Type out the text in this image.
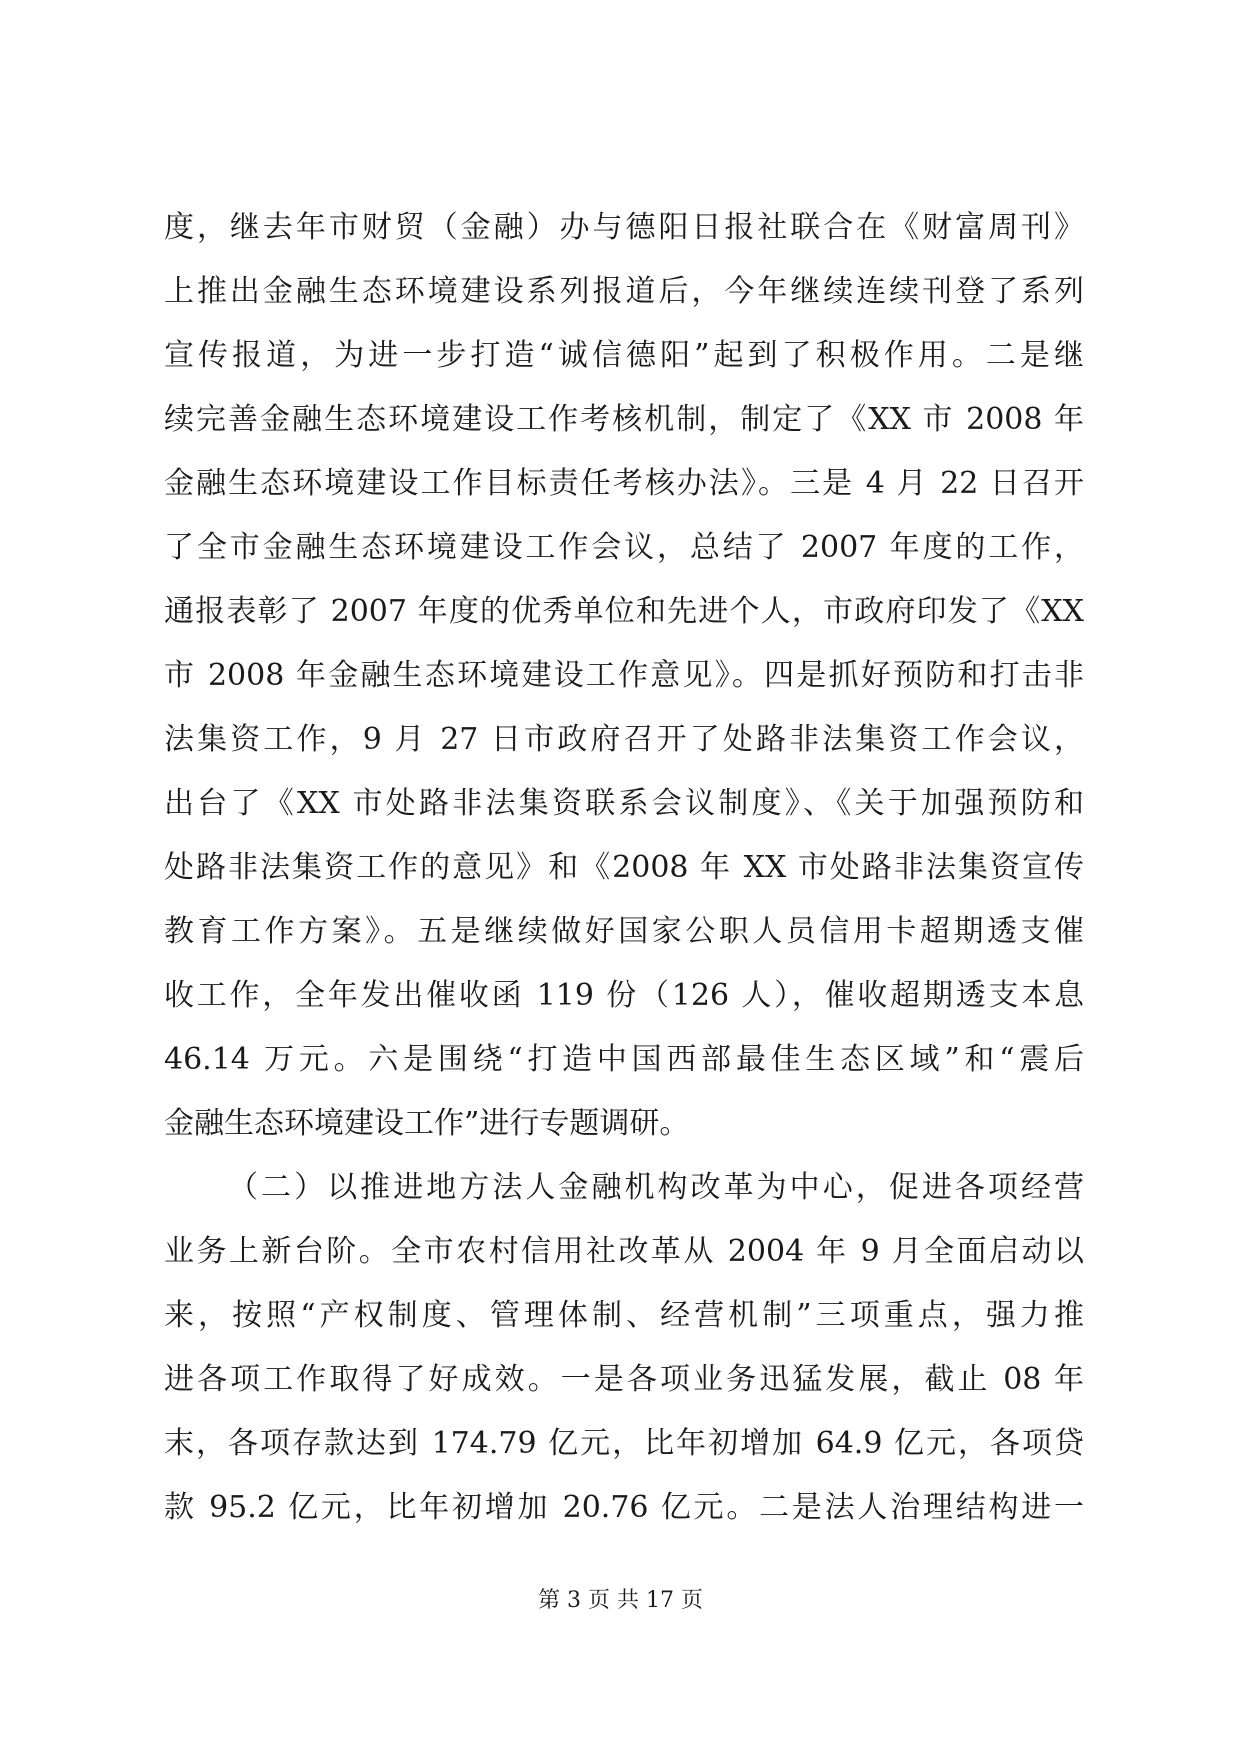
度，继去年市财贸（金融）办与德阳日报社联合在《财富周刊》
上推出金融生态环境建设系列报道后，今年继续连续刊登了系列
宣传报道，为进一步打造“诚信德阳”起到了积极作用。二是继
续完善金融生态环境建设工作考核机制，制定了《XX 市 2008 年
金融生态环境建设工作目标责任考核办法》。三是 4 月 22 日召开
了全市金融生态环境建设工作会议，总结了 2007 年度的工作，
通报表彰了 2007 年度的优秀单位和先进个人，市政府印发了《XX
市 2008 年金融生态环境建设工作意见》。四是抓好预防和打击非
法集资工作，9 月 27 日市政府召开了处路非法集资工作会议，
出台了《XX 市处路非法集资联系会议制度》、《关于加强预防和
处路非法集资工作的意见》和《2008 年 XX 市处路非法集资宣传
教育工作方案》。五是继续做好国家公职人员信用卡超期透支催
收工作，全年发出催收函 119 份（126 人），催收超期透支本息
46.14 万元。六是围绕“打造中国西部最佳生态区域”和“震后
金融生态环境建设工作”进行专题调研。
（二）以推进地方法人金融机构改革为中心，促进各项经营
业务上新台阶。全市农村信用社改革从 2004 年 9 月全面启动以
来，按照“产权制度、管理体制、经营机制”三项重点，强力推
进各项工作取得了好成效。一是各项业务迅猛发展，截止 08 年
末，各项存款达到 174.79 亿元，比年初增加 64.9 亿元，各项贷
款 95.2 亿元，比年初增加 20.76 亿元。二是法人治理结构进一
第 3 页 共 17 页
